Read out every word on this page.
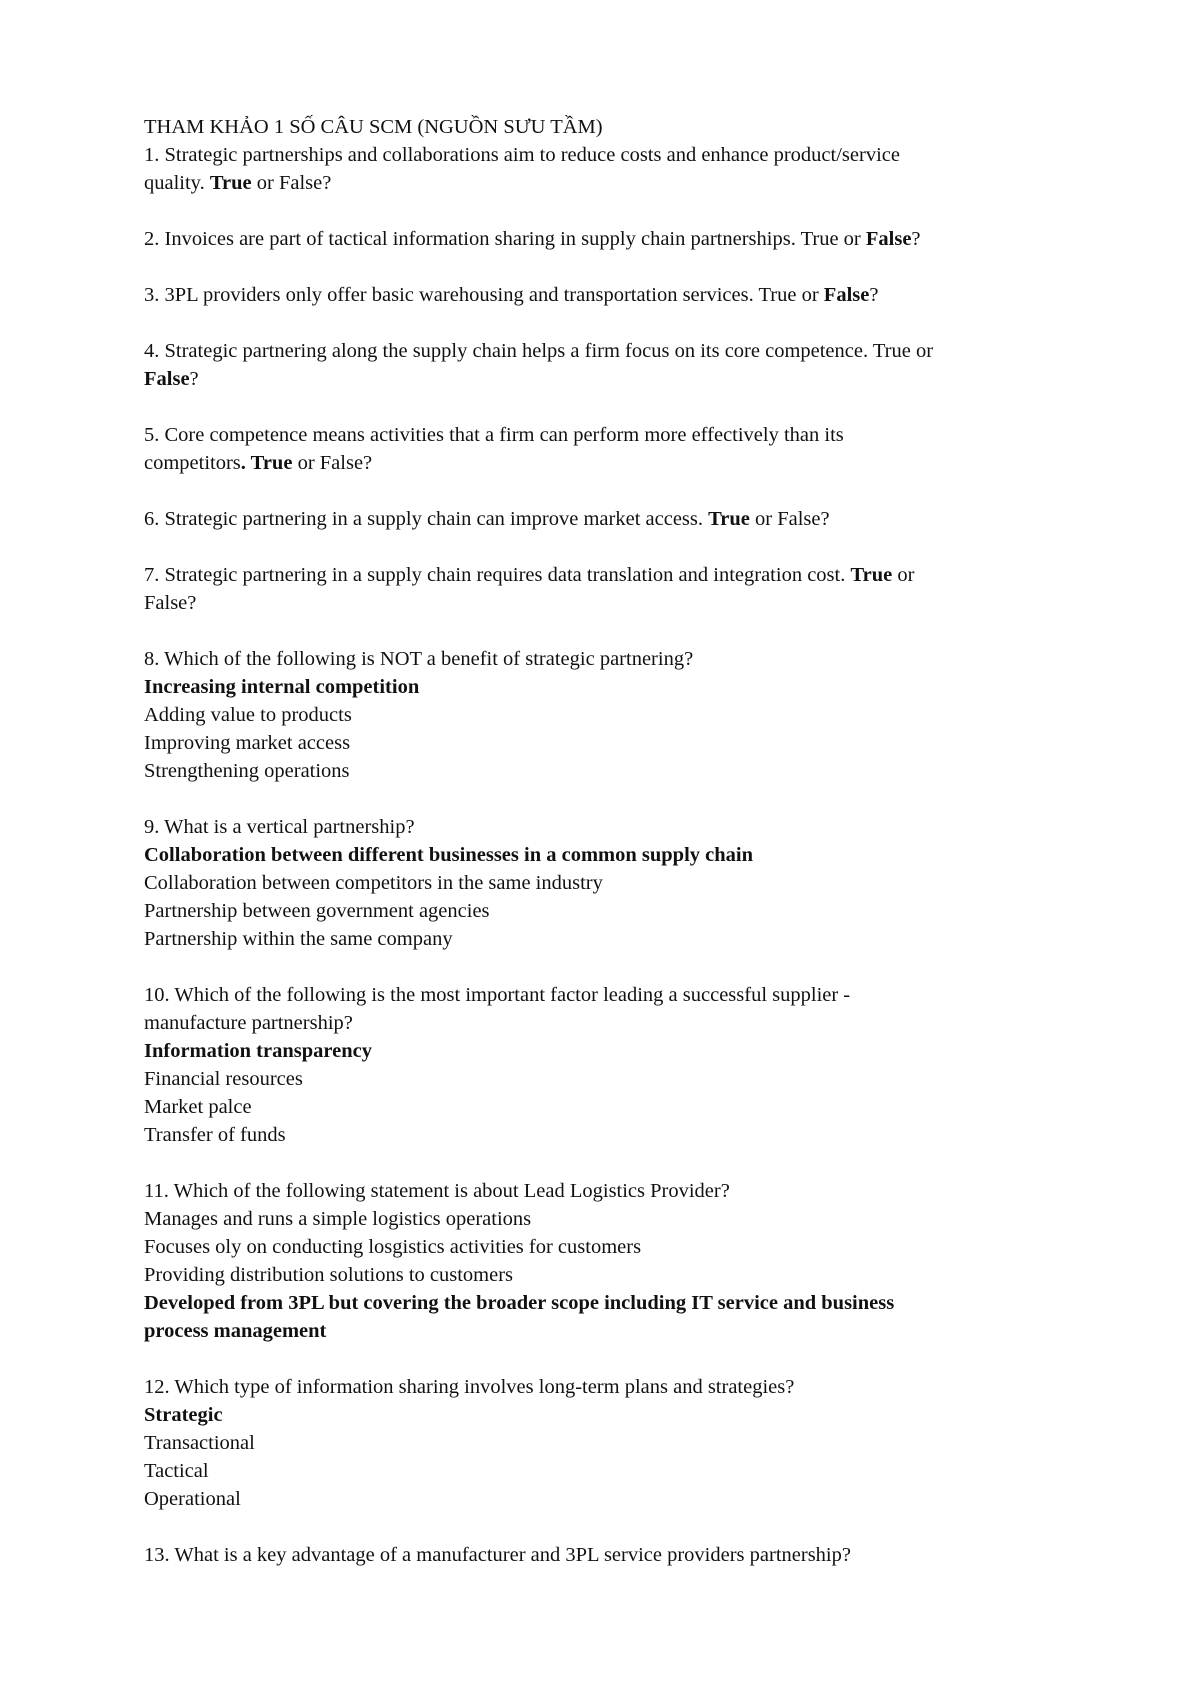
THAM KHẢO 1 SỐ CÂU SCM (NGUỒN SƯU TẦM)
1. Strategic partnerships and collaborations aim to reduce costs and enhance product/service
quality. True or False?
2. Invoices are part of tactical information sharing in supply chain partnerships. True or False?
3. 3PL providers only offer basic warehousing and transportation services. True or False?
4. Strategic partnering along the supply chain helps a firm focus on its core competence. True or
False?
5. Core competence means activities that a firm can perform more effectively than its
competitors. True or False?
6. Strategic partnering in a supply chain can improve market access. True or False?
7. Strategic partnering in a supply chain requires data translation and integration cost. True or
False?
8. Which of the following is NOT a benefit of strategic partnering?
Increasing internal competition
Adding value to products
Improving market access
Strengthening operations
9. What is a vertical partnership?
Collaboration between different businesses in a common supply chain
Collaboration between competitors in the same industry
Partnership between government agencies
Partnership within the same company
10. Which of the following is the most important factor leading a successful supplier -
manufacture partnership?
Information transparency
Financial resources
Market palce
Transfer of funds
11. Which of the following statement is about Lead Logistics Provider?
Manages and runs a simple logistics operations
Focuses oly on conducting losgistics activities for customers
Providing distribution solutions to customers
Developed from 3PL but covering the broader scope including IT service and business
process management
12. Which type of information sharing involves long-term plans and strategies?
Strategic
Transactional
Tactical
Operational
13. What is a key advantage of a manufacturer and 3PL service providers partnership?
